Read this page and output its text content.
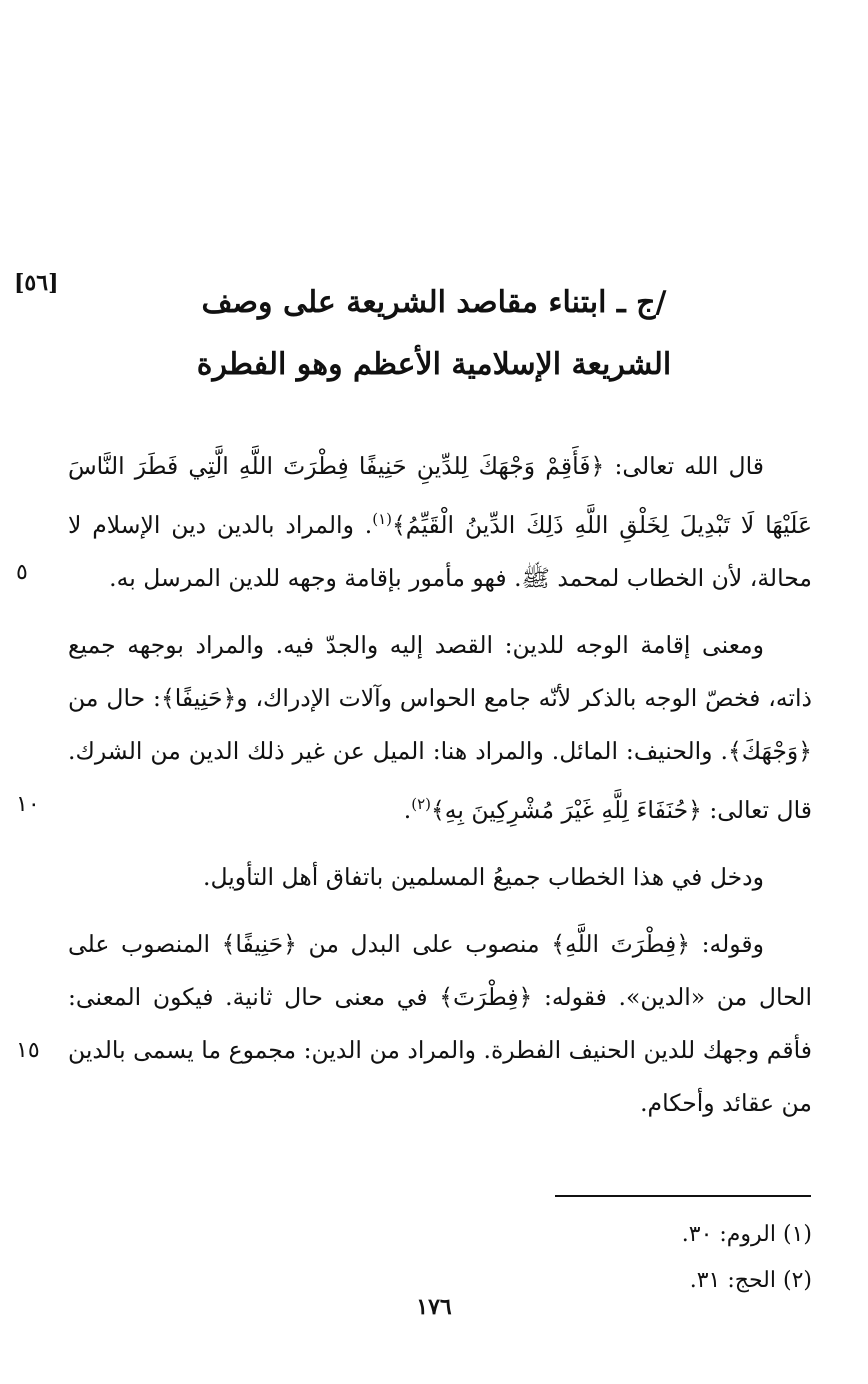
[٥٦]
/ج ـ ابتناء مقاصد الشريعة على وصف
الشريعة الإسلامية الأعظم وهو الفطرة

٥
قال الله تعالى: ﴿فَأَقِمْ وَجْهَكَ لِلدِّينِ حَنِيفًا فِطْرَتَ اللَّهِ الَّتِي فَطَرَ النَّاسَ عَلَيْهَا لَا تَبْدِيلَ لِخَلْقِ اللَّهِ ذَلِكَ الدِّينُ الْقَيِّمُ﴾$^{(١)}$. والمراد بالدين دين الإسلام لا محالة، لأن الخطاب لمحمد ﷺ. فهو مأمور بإقامة وجهه للدين المرسل به.

١٠
ومعنى إقامة الوجه للدين: القصد إليه والجدّ فيه. والمراد بوجهه جميع ذاته، فخصّ الوجه بالذكر لأنّه جامع الحواس وآلات الإدراك، و﴿حَنِيفًا﴾: حال من ﴿وَجْهَكَ﴾. والحنيف: المائل. والمراد هنا: الميل عن غير ذلك الدين من الشرك. قال تعالى: ﴿حُنَفَاءَ لِلَّهِ غَيْرَ مُشْرِكِينَ بِهِ﴾$^{(٢)}$.

ودخل في هذا الخطاب جميعُ المسلمين باتفاق أهل التأويل.

١٥
وقوله: ﴿فِطْرَتَ اللَّهِ﴾ منصوب على البدل من ﴿حَنِيفًا﴾ المنصوب على الحال من «الدين». فقوله: ﴿فِطْرَتَ﴾ في معنى حال ثانية. فيكون المعنى: فأقم وجهك للدين الحنيف الفطرة. والمراد من الدين: مجموع ما يسمى بالدين من عقائد وأحكام.

(١) الروم: ٣٠.
(٢) الحج: ٣١.
١٧٦
